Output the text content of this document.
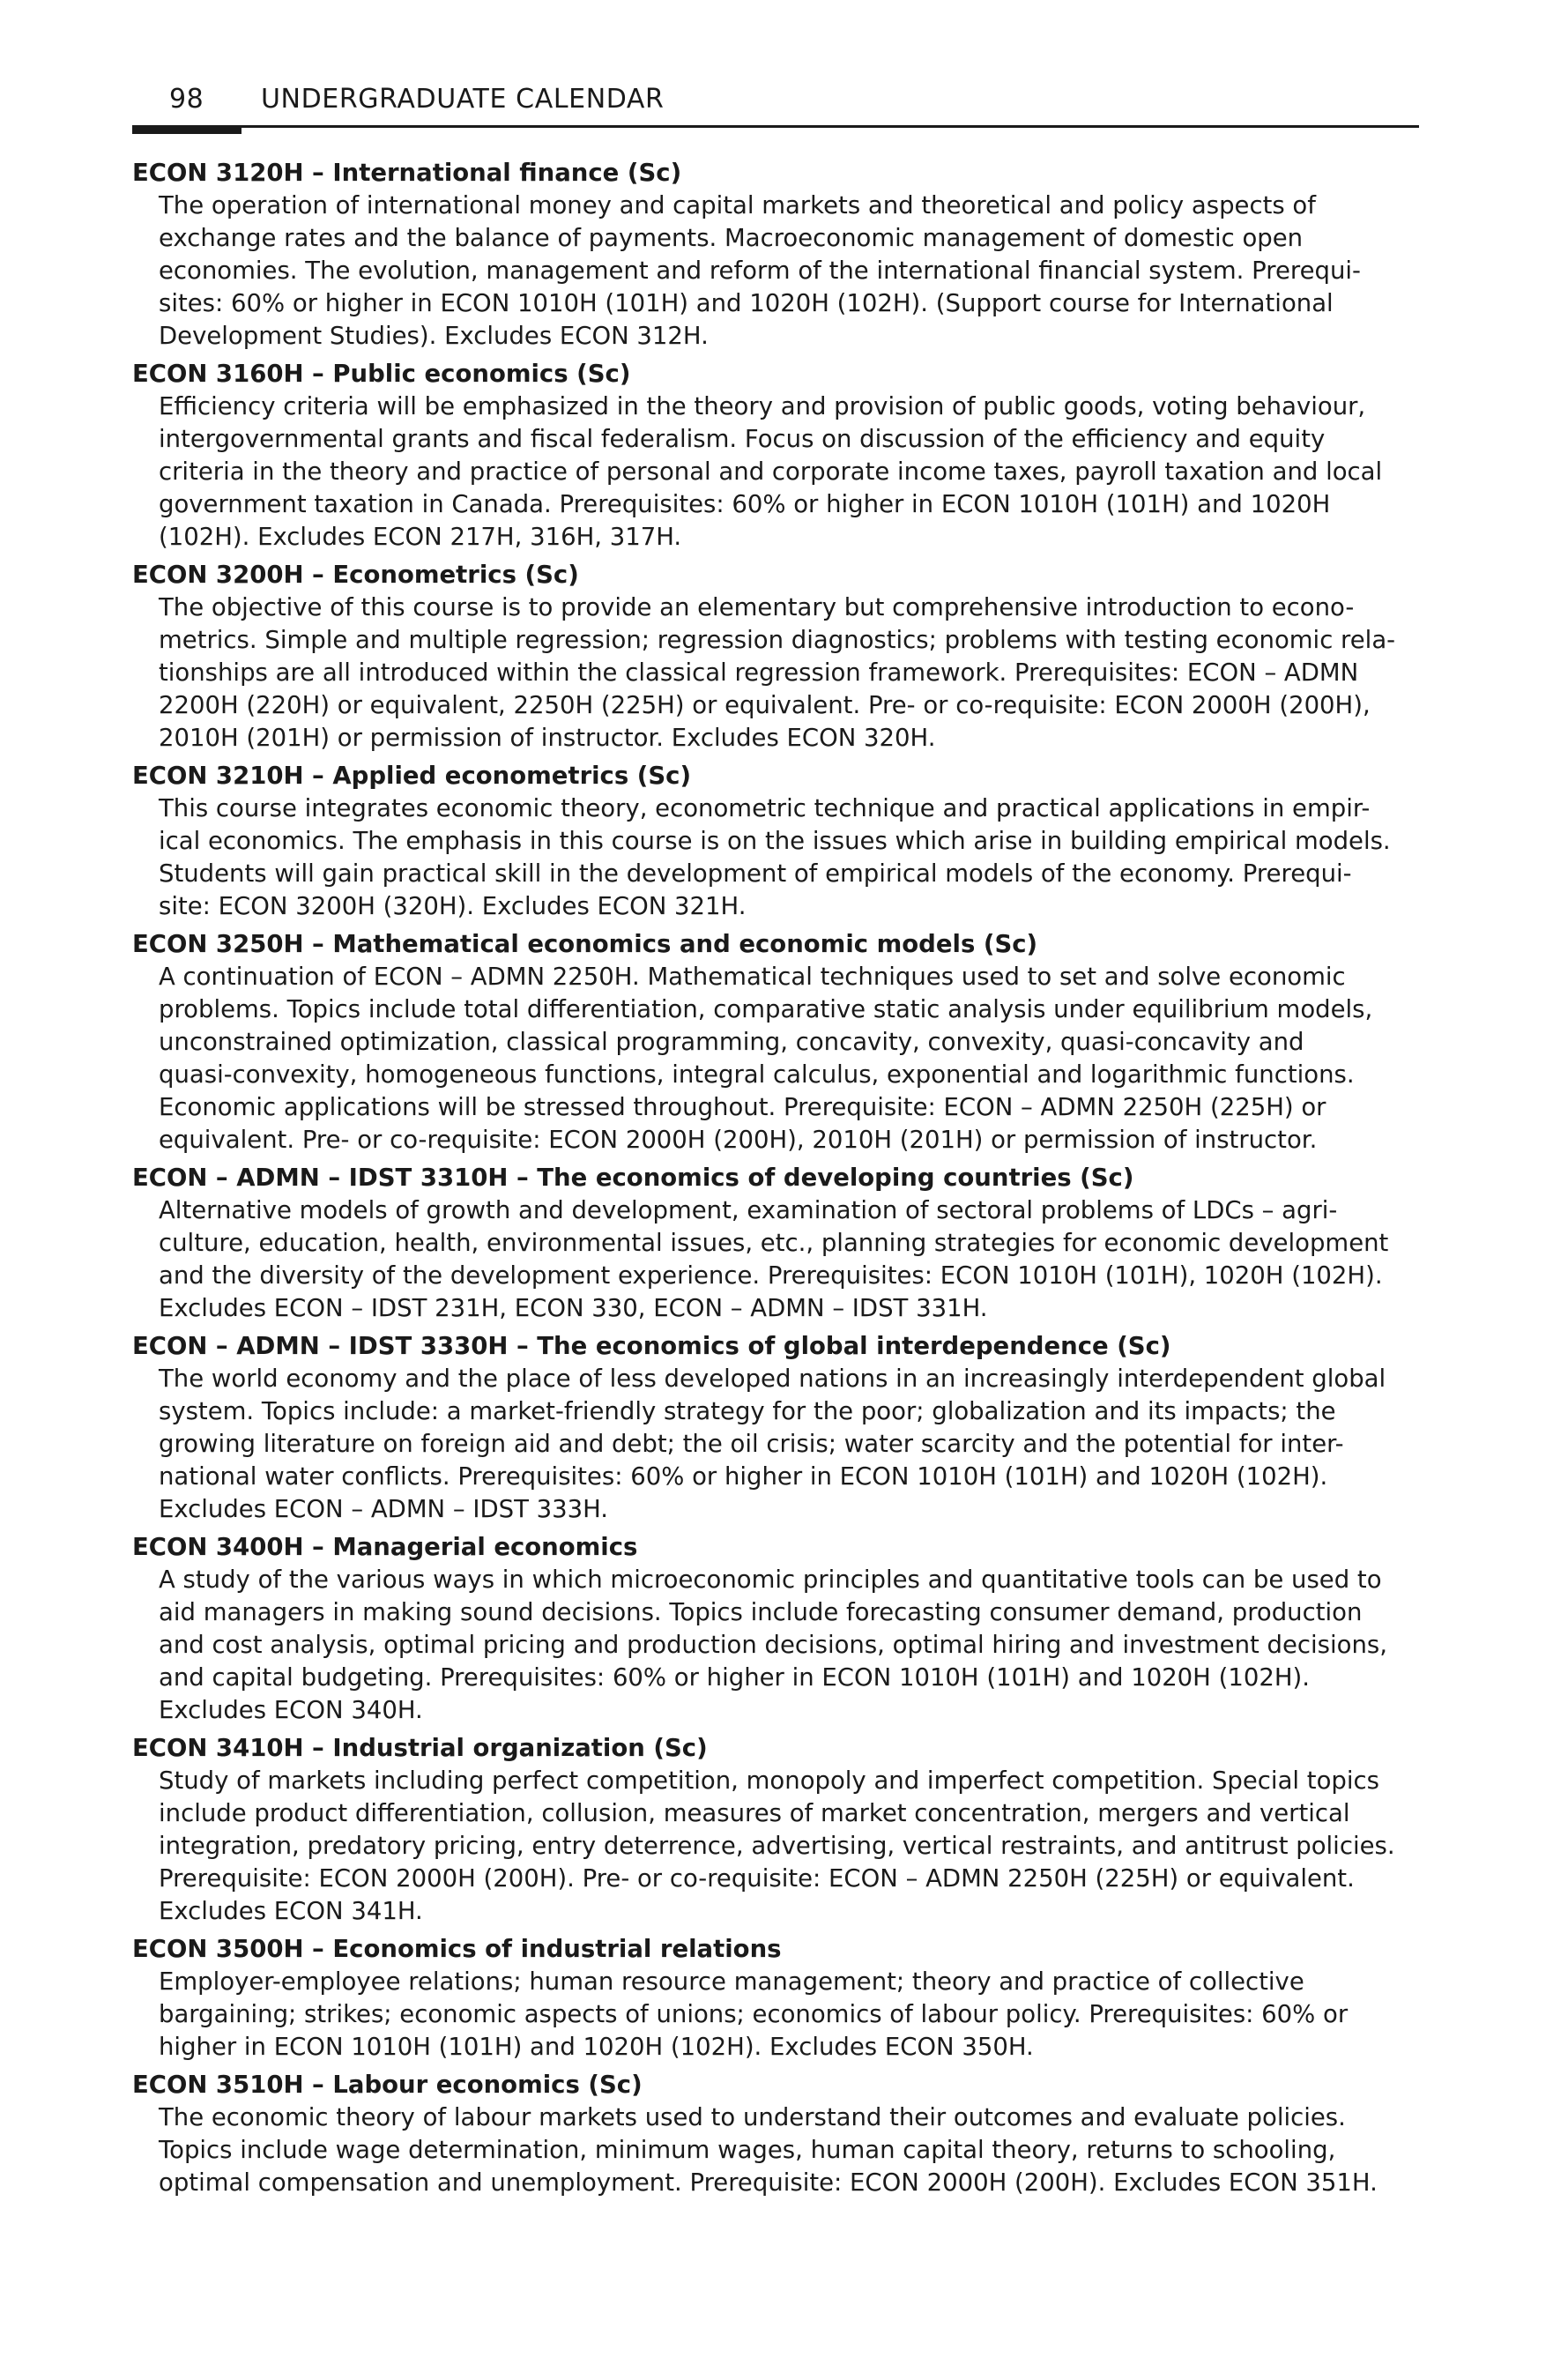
98 UNDERGRADUATE CALENDAR
ECON 3120H – International finance (Sc)
The operation of international money and capital markets and theoretical and policy aspects of
exchange rates and the balance of payments. Macroeconomic management of domestic open
economies. The evolution, management and reform of the international financial system. Prerequi-
sites: 60% or higher in ECON 1010H (101H) and 1020H (102H). (Support course for International
Development Studies). Excludes ECON 312H.
ECON 3160H – Public economics (Sc)
Efficiency criteria will be emphasized in the theory and provision of public goods, voting behaviour,
intergovernmental grants and fiscal federalism. Focus on discussion of the efficiency and equity
criteria in the theory and practice of personal and corporate income taxes, payroll taxation and local
government taxation in Canada. Prerequisites: 60% or higher in ECON 1010H (101H) and 1020H
(102H). Excludes ECON 217H, 316H, 317H.
ECON 3200H – Econometrics (Sc)
The objective of this course is to provide an elementary but comprehensive introduction to econo-
metrics. Simple and multiple regression; regression diagnostics; problems with testing economic rela-
tionships are all introduced within the classical regression framework. Prerequisites: ECON – ADMN
2200H (220H) or equivalent, 2250H (225H) or equivalent. Pre- or co-requisite: ECON 2000H (200H),
2010H (201H) or permission of instructor. Excludes ECON 320H.
ECON 3210H – Applied econometrics (Sc)
This course integrates economic theory, econometric technique and practical applications in empir-
ical economics. The emphasis in this course is on the issues which arise in building empirical models.
Students will gain practical skill in the development of empirical models of the economy. Prerequi-
site: ECON 3200H (320H). Excludes ECON 321H.
ECON 3250H – Mathematical economics and economic models (Sc)
A continuation of ECON – ADMN 2250H. Mathematical techniques used to set and solve economic
problems. Topics include total differentiation, comparative static analysis under equilibrium models,
unconstrained optimization, classical programming, concavity, convexity, quasi-concavity and
quasi-convexity, homogeneous functions, integral calculus, exponential and logarithmic functions.
Economic applications will be stressed throughout. Prerequisite: ECON – ADMN 2250H (225H) or
equivalent. Pre- or co-requisite: ECON 2000H (200H), 2010H (201H) or permission of instructor.
ECON – ADMN – IDST 3310H – The economics of developing countries (Sc)
Alternative models of growth and development, examination of sectoral problems of LDCs – agri-
culture, education, health, environmental issues, etc., planning strategies for economic development
and the diversity of the development experience. Prerequisites: ECON 1010H (101H), 1020H (102H).
Excludes ECON – IDST 231H, ECON 330, ECON – ADMN – IDST 331H.
ECON – ADMN – IDST 3330H – The economics of global interdependence (Sc)
The world economy and the place of less developed nations in an increasingly interdependent global
system. Topics include: a market-friendly strategy for the poor; globalization and its impacts; the
growing literature on foreign aid and debt; the oil crisis; water scarcity and the potential for inter-
national water conflicts. Prerequisites: 60% or higher in ECON 1010H (101H) and 1020H (102H).
Excludes ECON – ADMN – IDST 333H.
ECON 3400H – Managerial economics
A study of the various ways in which microeconomic principles and quantitative tools can be used to
aid managers in making sound decisions. Topics include forecasting consumer demand, production
and cost analysis, optimal pricing and production decisions, optimal hiring and investment decisions,
and capital budgeting. Prerequisites: 60% or higher in ECON 1010H (101H) and 1020H (102H).
Excludes ECON 340H.
ECON 3410H – Industrial organization (Sc)
Study of markets including perfect competition, monopoly and imperfect competition. Special topics
include product differentiation, collusion, measures of market concentration, mergers and vertical
integration, predatory pricing, entry deterrence, advertising, vertical restraints, and antitrust policies.
Prerequisite: ECON 2000H (200H). Pre- or co-requisite: ECON – ADMN 2250H (225H) or equivalent.
Excludes ECON 341H.
ECON 3500H – Economics of industrial relations
Employer-employee relations; human resource management; theory and practice of collective
bargaining; strikes; economic aspects of unions; economics of labour policy. Prerequisites: 60% or
higher in ECON 1010H (101H) and 1020H (102H). Excludes ECON 350H.
ECON 3510H – Labour economics (Sc)
The economic theory of labour markets used to understand their outcomes and evaluate policies.
Topics include wage determination, minimum wages, human capital theory, returns to schooling,
optimal compensation and unemployment. Prerequisite: ECON 2000H (200H). Excludes ECON 351H.
